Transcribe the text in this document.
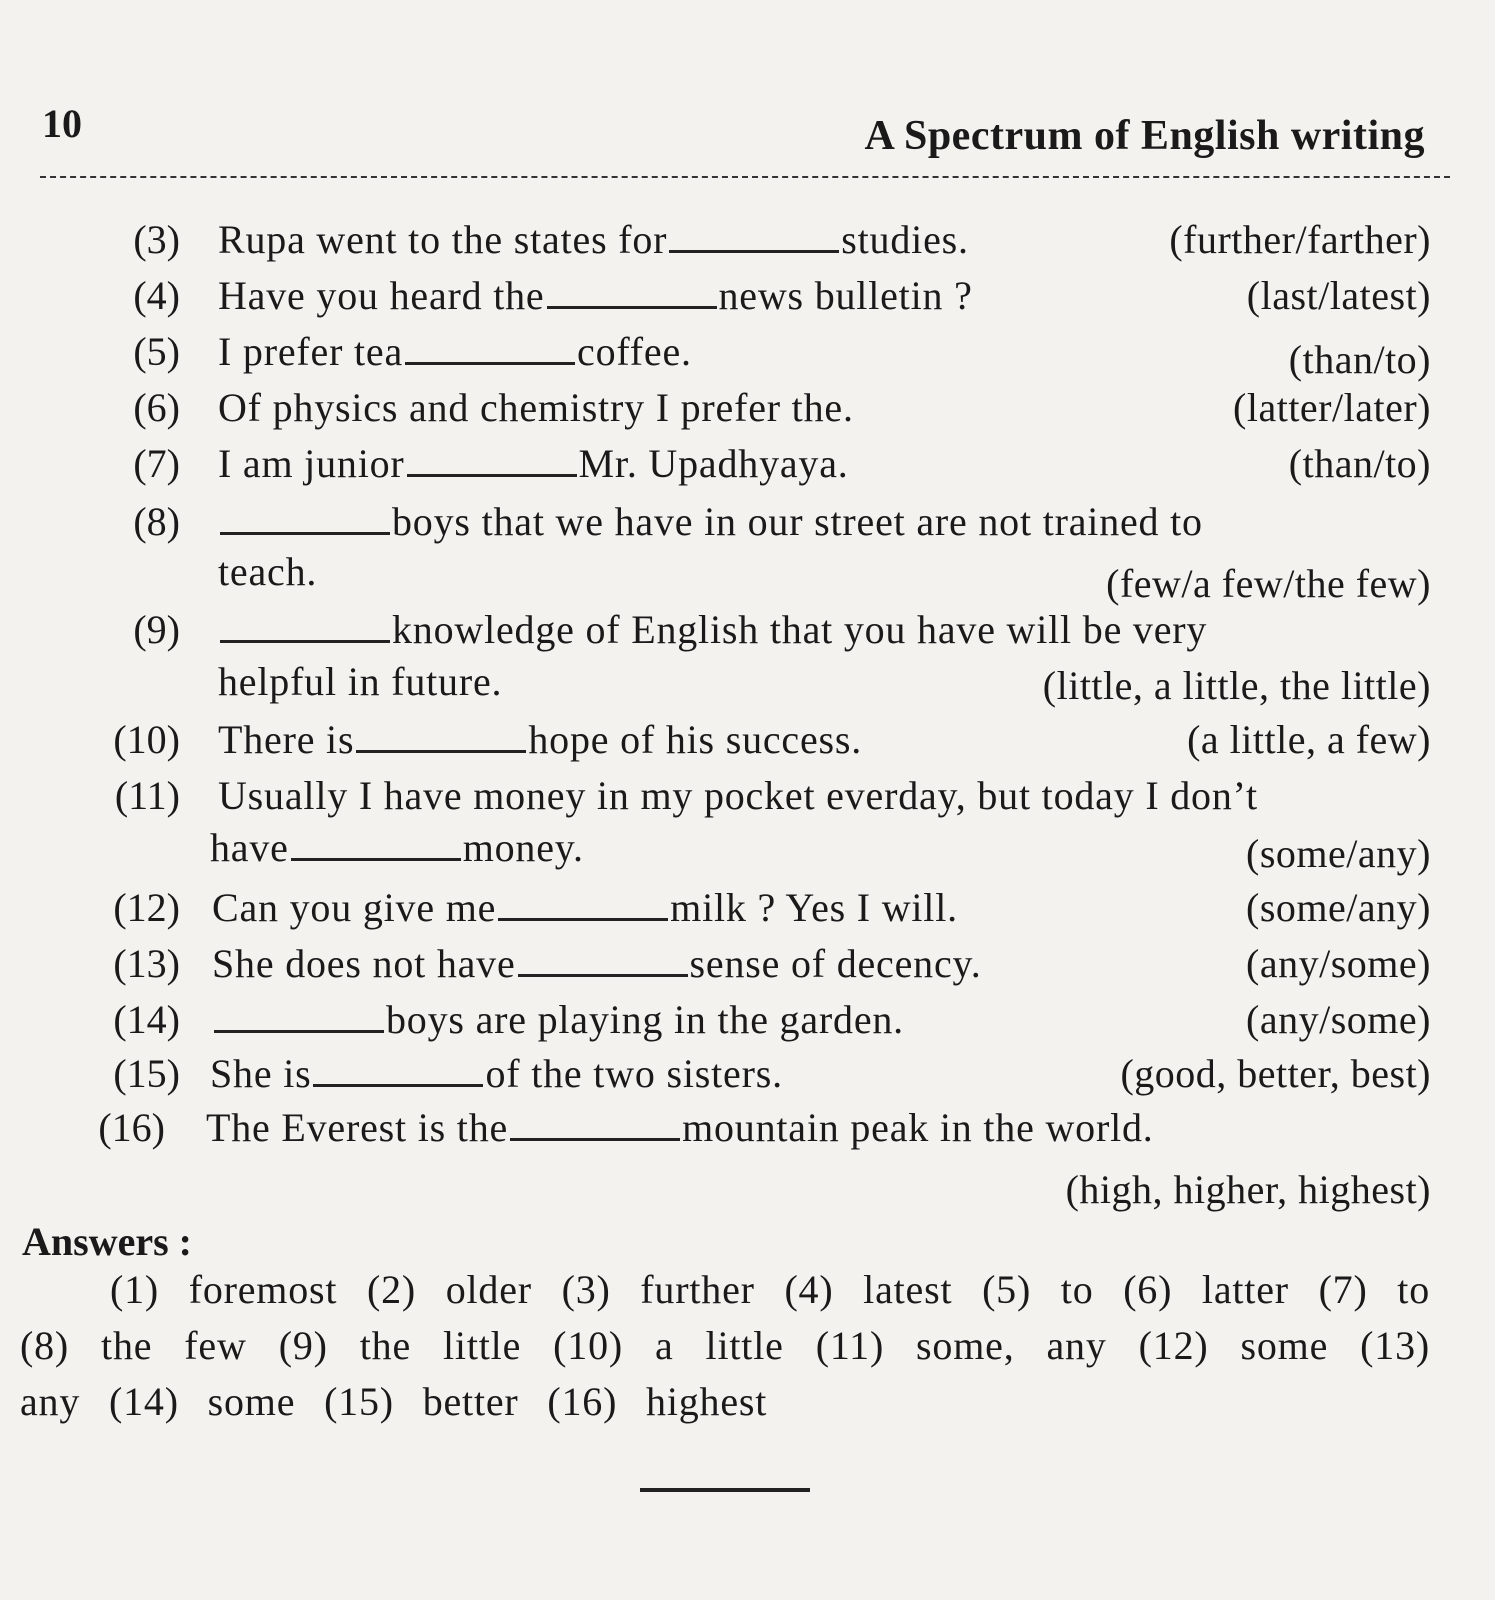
10	A Spectrum of English writing
(3) Rupa went to the states for	studies.	(further/farther)
(4) Have you heard the	news bulletin ?	(last/latest)
(5) I prefer tea	coffee.	(than/to)
(6) Of physics and chemistry I prefer the.	(latter/later)
(7) I am junior	Mr. Upadhyaya.	(than/to)
(8)	boys that we have in our street are not trained to
teach.	(few/a few/the few)
(9)	knowledge of English that you have will be very
helpful in future.	(little, a little, the little)
(10) There is	hope of his success.	(a little, a few)
(11) Usually I have money in my pocket everday, but today I don’t
have	money.	(some/any)
(12) Can you give me	milk ? Yes I will.	(some/any)
(13) She does not have	sense of decency.	(any/some)
(14)	boys are playing in the garden.	(any/some)
(15) She is	of the two sisters.	(good, better, best)
(16) The Everest is the	mountain peak in the world.
(high, higher, highest)
Answers :
(1) foremost (2) older (3) further (4) latest (5) to (6) latter (7) to (8) the few (9) the little (10) a little (11) some, any (12) some (13) any (14) some (15) better (16) highest
